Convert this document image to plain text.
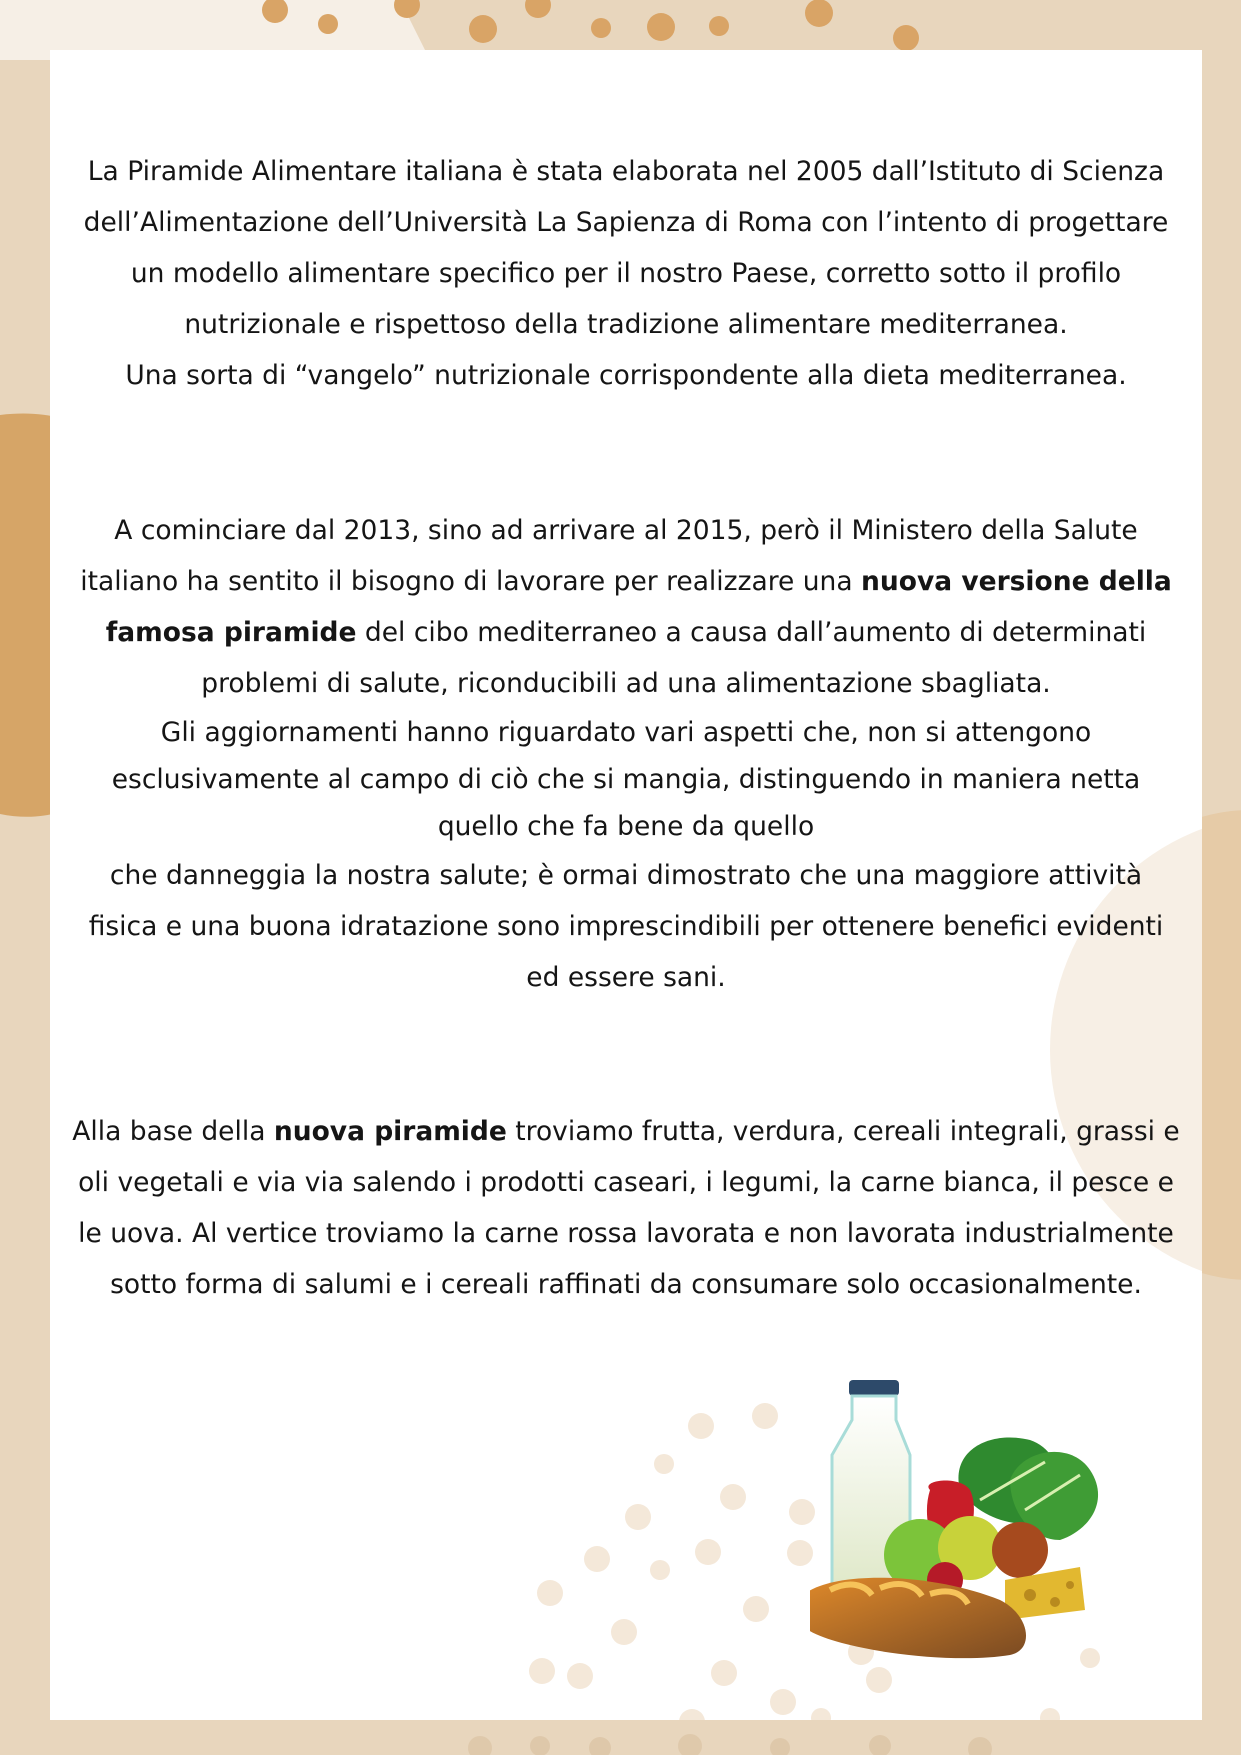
La Piramide Alimentare italiana è stata elaborata nel 2005 dall’Istituto di Scienza
dell’Alimentazione dell’Università La Sapienza di Roma con l’intento di progettare
un modello alimentare specifico per il nostro Paese, corretto sotto il profilo
nutrizionale e rispettoso della tradizione alimentare mediterranea.
Una sorta di “vangelo” nutrizionale corrispondente alla dieta mediterranea.

A cominciare dal 2013, sino ad arrivare al 2015, però il Ministero della Salute
italiano ha sentito il bisogno di lavorare per realizzare una nuova versione della
famosa piramide del cibo mediterraneo a causa dall’aumento di determinati
problemi di salute, riconducibili ad una alimentazione sbagliata.
Gli aggiornamenti hanno riguardato vari aspetti che, non si attengono
esclusivamente al campo di ciò che si mangia, distinguendo in maniera netta
quello che fa bene da quello
che danneggia la nostra salute; è ormai dimostrato che una maggiore attività
fisica e una buona idratazione sono imprescindibili per ottenere benefici evidenti
ed essere sani.

Alla base della nuova piramide troviamo frutta, verdura, cereali integrali, grassi e
oli vegetali e via via salendo i prodotti caseari, i legumi, la carne bianca, il pesce e
le uova. Al vertice troviamo la carne rossa lavorata e non lavorata industrialmente
sotto forma di salumi e i cereali raffinati da consumare solo occasionalmente.
